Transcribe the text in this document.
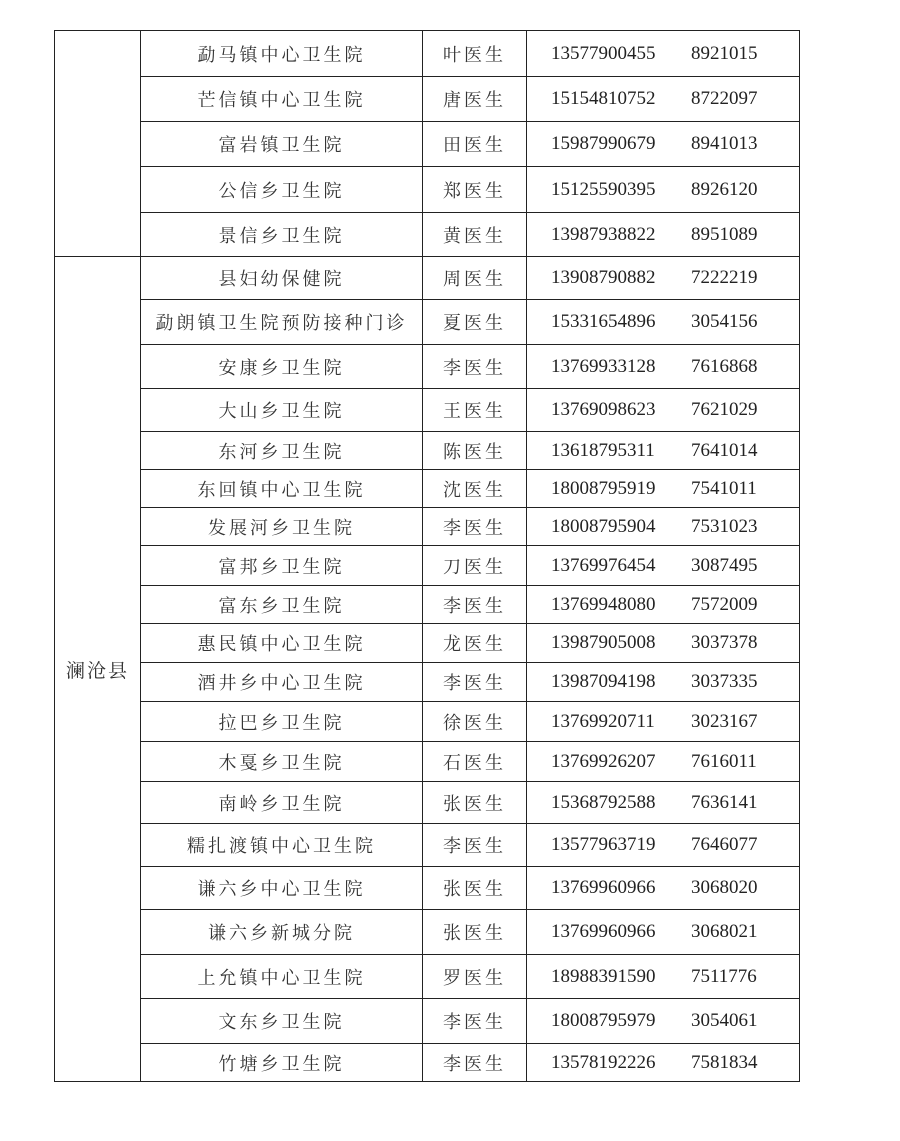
	勐马镇中心卫生院	叶医生	13577900455 8921015
	芒信镇中心卫生院	唐医生	15154810752 8722097
	富岩镇卫生院	田医生	15987990679 8941013
	公信乡卫生院	郑医生	15125590395 8926120
	景信乡卫生院	黄医生	13987938822 8951089
澜沧县	县妇幼保健院	周医生	13908790882 7222219
	勐朗镇卫生院预防接种门诊	夏医生	15331654896 3054156
	安康乡卫生院	李医生	13769933128 7616868
	大山乡卫生院	王医生	13769098623 7621029
	东河乡卫生院	陈医生	13618795311 7641014
	东回镇中心卫生院	沈医生	18008795919 7541011
	发展河乡卫生院	李医生	18008795904 7531023
	富邦乡卫生院	刀医生	13769976454 3087495
	富东乡卫生院	李医生	13769948080 7572009
	惠民镇中心卫生院	龙医生	13987905008 3037378
	酒井乡中心卫生院	李医生	13987094198 3037335
	拉巴乡卫生院	徐医生	13769920711 3023167
	木戛乡卫生院	石医生	13769926207 7616011
	南岭乡卫生院	张医生	15368792588 7636141
	糯扎渡镇中心卫生院	李医生	13577963719 7646077
	谦六乡中心卫生院	张医生	13769960966 3068020
	谦六乡新城分院	张医生	13769960966 3068021
	上允镇中心卫生院	罗医生	18988391590 7511776
	文东乡卫生院	李医生	18008795979 3054061
	竹塘乡卫生院	李医生	13578192226 7581834
